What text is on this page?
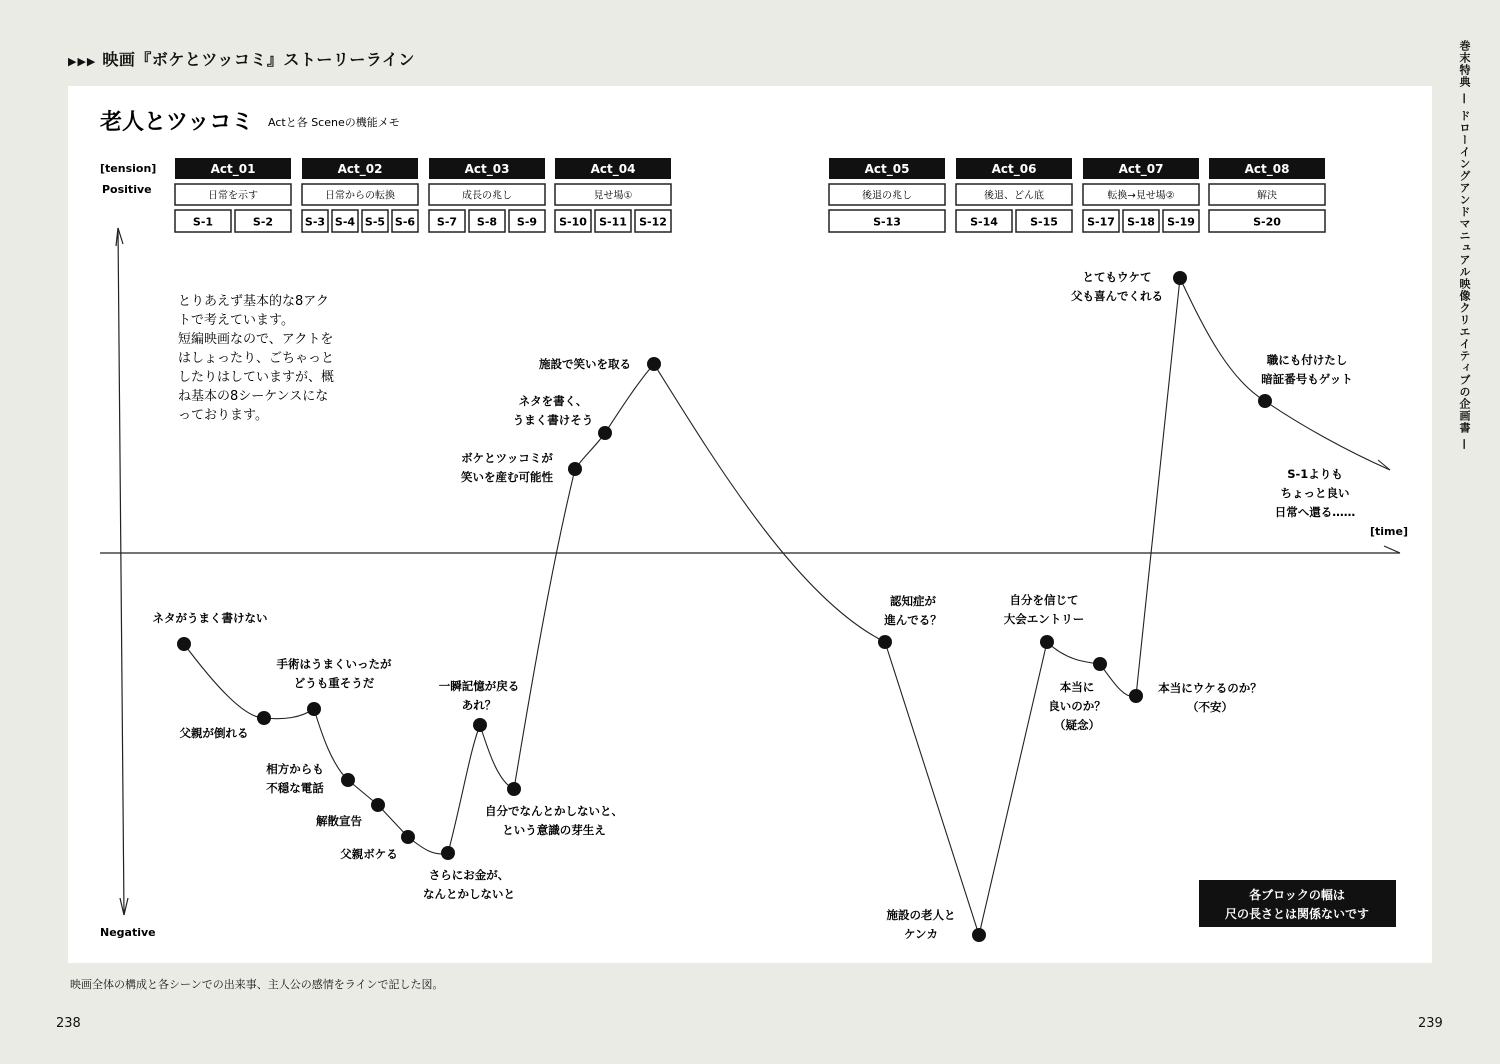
▶▶▶ 映画『ボケとツッコミ』ストーリーライン	巻末特典 — ドローイングアンドマニュアル映像クリエイティブの企画書 —
老人とツッコミ Actと各 Sceneの機能メモ
[tension]
Positive
Negative
[time]
Act_01
日常を示す
S-1	S-2
Act_02
日常からの転換
S-3 S-4 S-5 S-6
Act_03
成長の兆し
S-7 S-8 S-9
Act_04
見せ場①
S-10 S-11 S-12
Act_05
後退の兆し
S-13
Act_06
後退、どん底
S-14	S-15
Act_07
転換→見せ場②
S-17 S-18 S-19
Act_08
解決
S-20
とりあえず基本的な8アク
トで考えています。
短編映画なので、アクトを
はしょったり、ごちゃっと
したりはしていますが、概
ね基本の8シーケンスにな
っております。
ネタがうまく書けない
父親が倒れる
手術はうまくいったが
どうも重そうだ
相方からも
不穏な電話
解散宣告
父親ボケる
さらにお金が、
なんとかしないと
一瞬記憶が戻る
あれ？
自分でなんとかしないと、
という意識の芽生え
ボケとツッコミが
笑いを産む可能性
ネタを書く、
うまく書けそう
施設で笑いを取る
認知症が
進んでる？
施設の老人と
ケンカ
自分を信じて
大会エントリー
本当に
良いのか？
（疑念）
本当にウケるのか？
（不安）
とてもウケて
父も喜んでくれる
職にも付けたし
暗証番号もゲット
S-1よりも
ちょっと良い
日常へ還る……
各ブロックの幅は
尺の長さとは関係ないです
映画全体の構成と各シーンでの出来事、主人公の感情をラインで記した図。
238	239
